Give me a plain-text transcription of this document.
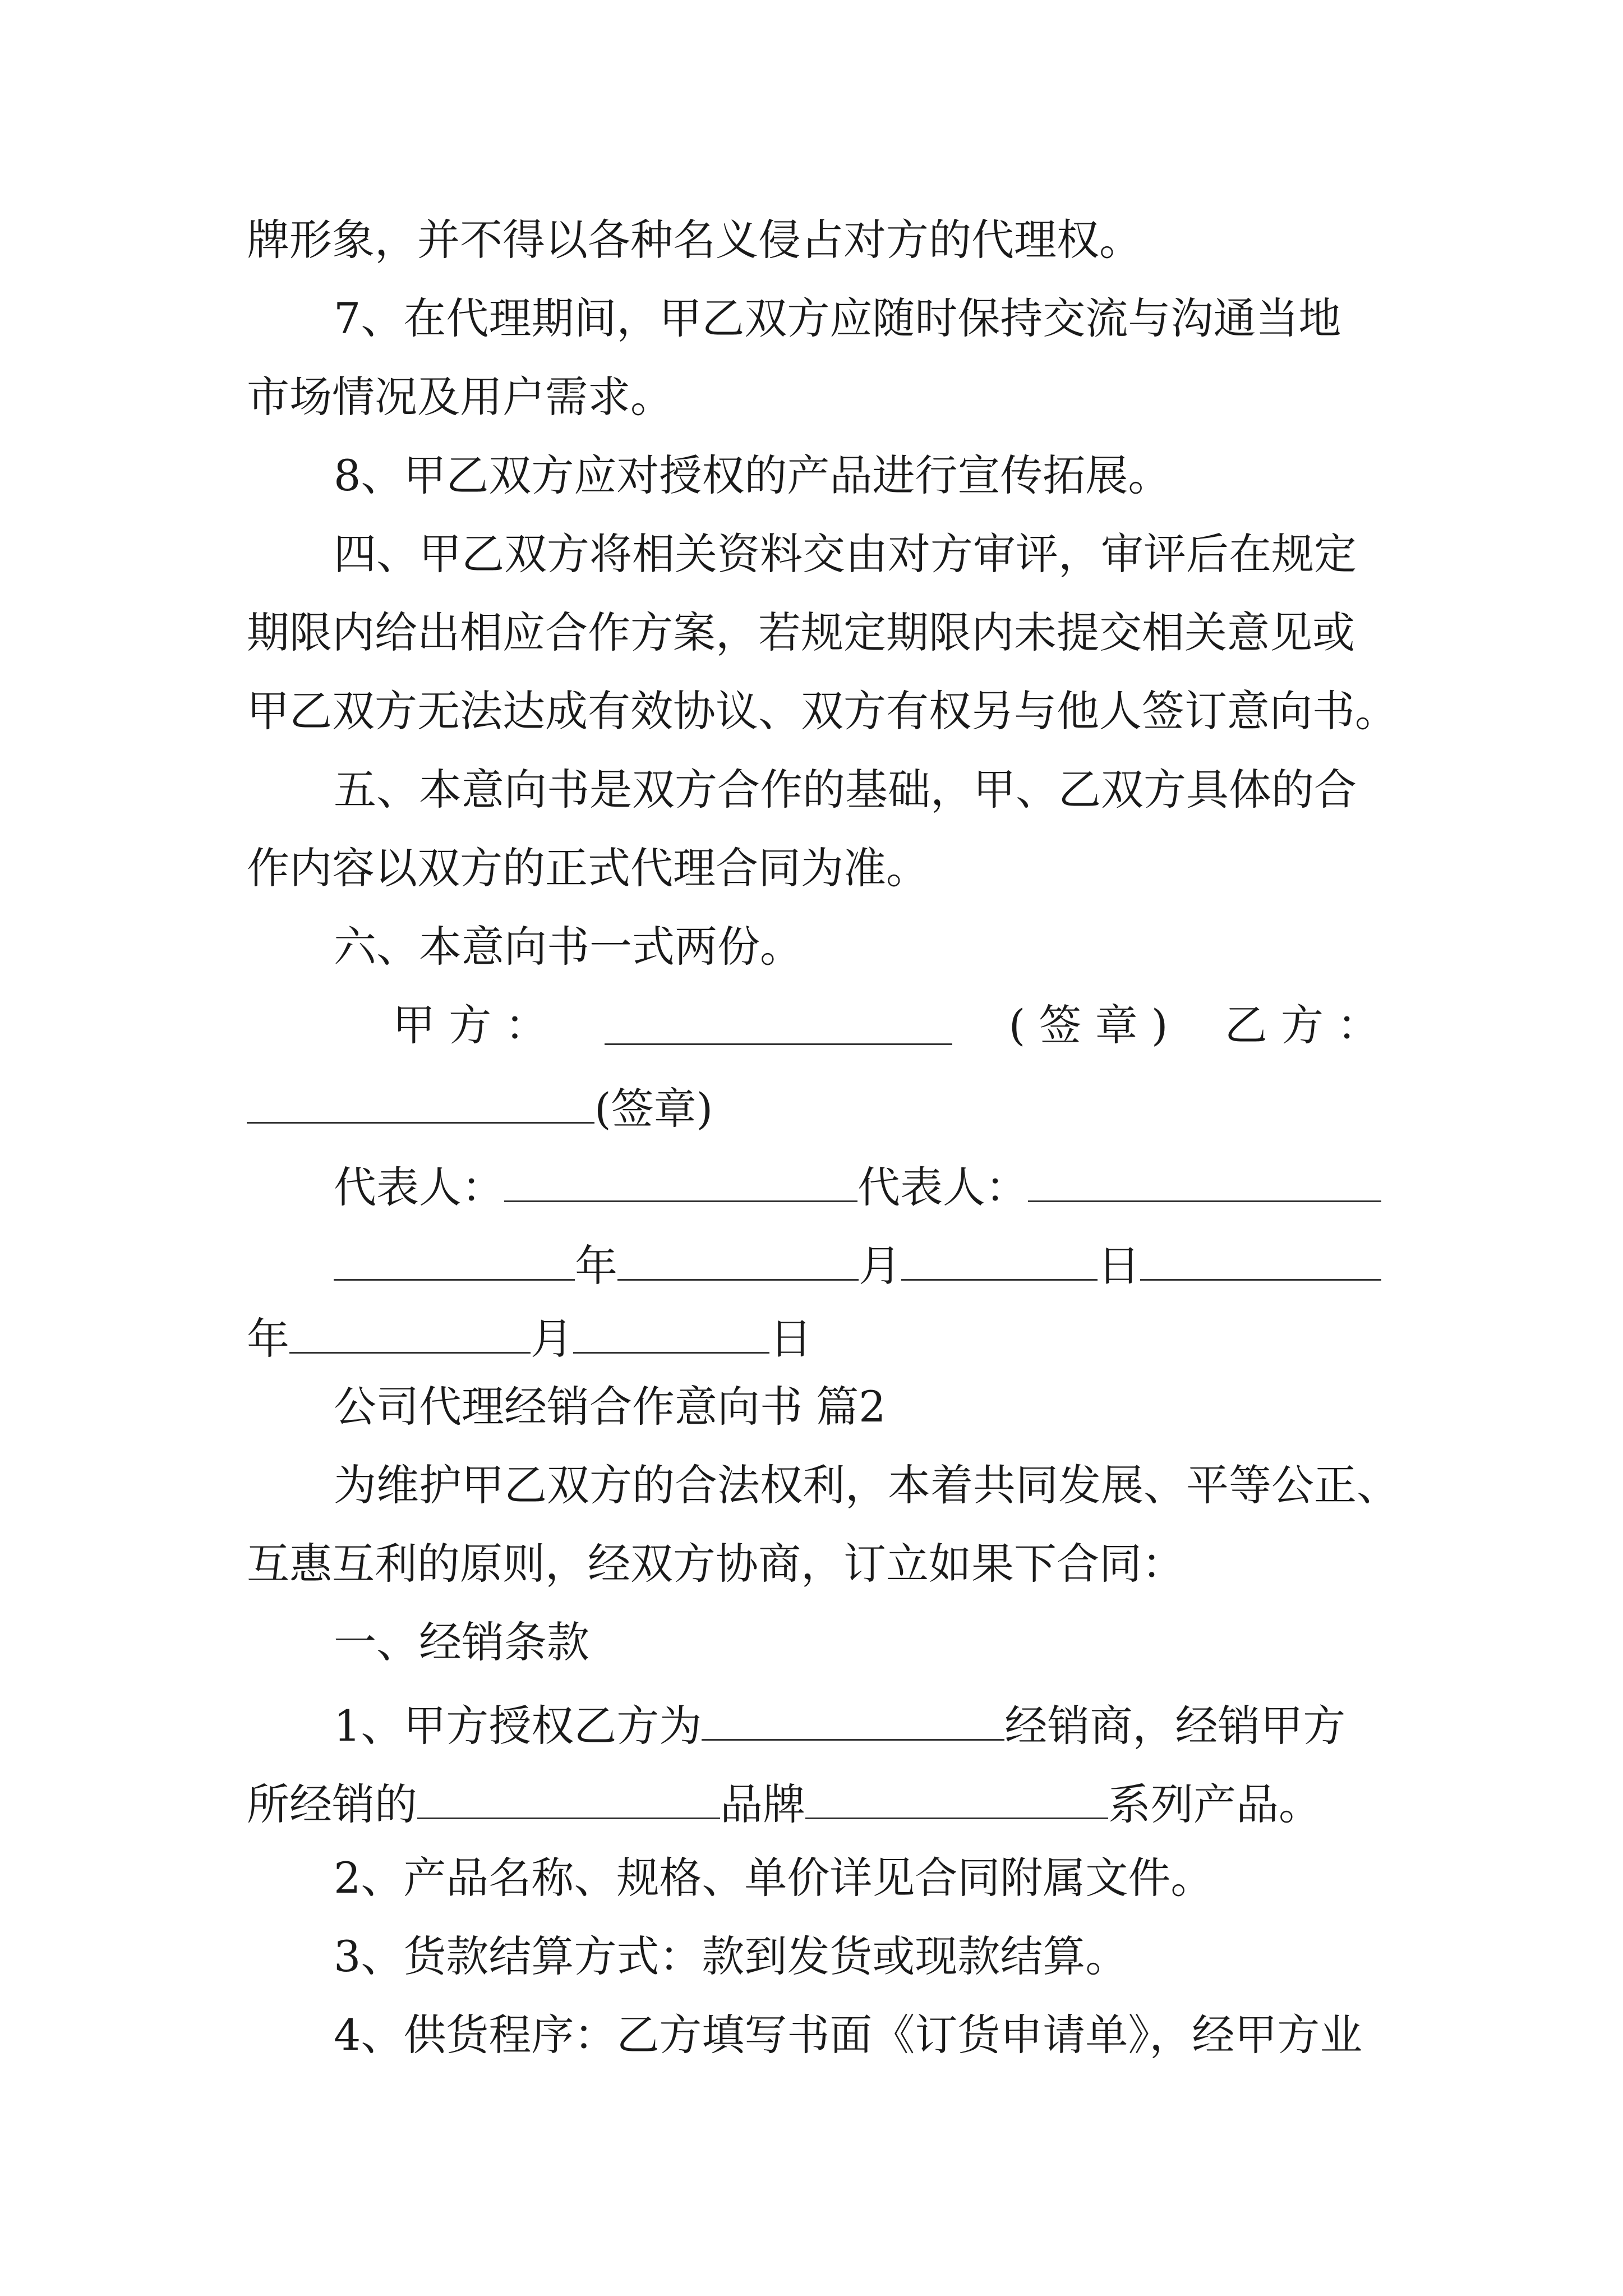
牌形象，并不得以各种名义侵占对方的代理权。
7、在代理期间，甲乙双方应随时保持交流与沟通当地
市场情况及用户需求。
8、甲乙双方应对授权的产品进行宣传拓展。
四、甲乙双方将相关资料交由对方审评，审评后在规定
期限内给出相应合作方案，若规定期限内未提交相关意见或
甲乙双方无法达成有效协议、双方有权另与他人签订意向书。
五、本意向书是双方合作的基础，甲、乙双方具体的合
作内容以双方的正式代理合同为准。
六、本意向书一式两份。
甲 方 ：	( 签 章 ) 乙 方 ：
(签章)
代表人：	代表人：
年	月	日
年	月	日
公司代理经销合作意向书 篇2
为维护甲乙双方的合法权利，本着共同发展、平等公正、
互惠互利的原则，经双方协商，订立如果下合同：
一、经销条款
1、甲方授权乙方为	经销商，经销甲方
所经销的	品牌	系列产品。
2、产品名称、规格、单价详见合同附属文件。
3、货款结算方式：款到发货或现款结算。
4、供货程序：乙方填写书面《订货申请单》，经甲方业
